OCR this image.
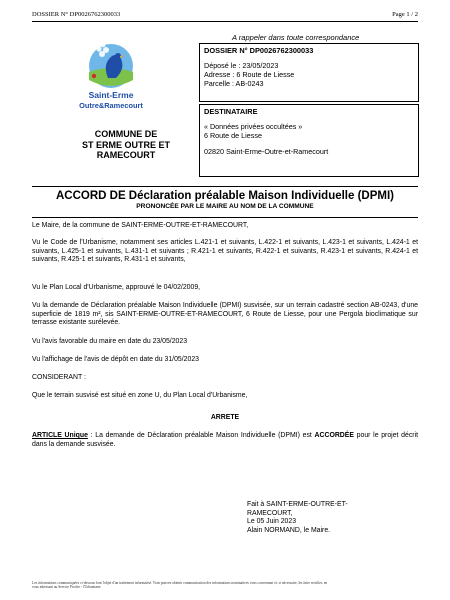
DOSSIER N° DP0026762300033	Page 1 / 2
Saint-Erme
Outre&Ramecourt
COMMUNE DE
ST ERME OUTRE ET
RAMECOURT
A rappeler dans toute correspondance
DOSSIER N° DP0026762300033

Déposé le : 23/05/2023

Adresse : 6 Route de Liesse

Parcelle : AB-0243

DESTINATAIRE

« Données privées occultées »

6 Route de Liesse

02820 Saint-Erme-Outre-et-Ramecourt

ACCORD DE Déclaration préalable Maison Individuelle (DPMI)
PRONONCÉE PAR LE MAIRE AU NOM DE LA COMMUNE

Le Maire, de la commune de SAINT-ERME-OUTRE-ET-RAMECOURT,

Vu le Code de l'Urbanisme, notamment ses articles L.421-1 et suivants, L.422-1 et suivants, L.423-1 et suivants, L.424-1 et suivants, L.425-1 et suivants, L.431-1 et suivants ; R.421-1 et suivants, R.422-1 et suivants, R.423-1 et suivants, R.424-1 et suivants, R.425-1 et suivants, R.431-1 et suivants,

Vu le Plan Local d'Urbanisme, approuvé le 04/02/2009,

Vu la demande de Déclaration préalable Maison Individuelle (DPMI) susvisée, sur un terrain cadastré section AB-0243, d'une superficie de 1819 m², sis SAINT-ERME-OUTRE-ET-RAMECOURT, 6 Route de Liesse, pour une Pergola bioclimatique sur terrasse existante surélevée.

Vu l'avis favorable du maire en date du 23/05/2023

Vu l'affichage de l'avis de dépôt en date du 31/05/2023

CONSIDERANT :

Que le terrain susvisé est situé en zone U, du Plan Local d'Urbanisme,

ARRETE

ARTICLE Unique : La demande de Déclaration préalable Maison Individuelle (DPMI) est ACCORDÉE pour le projet décrit dans la demande susvisée.

Fait à SAINT-ERME-OUTRE-ET-
RAMECOURT,
Le 05 Juin 2023
Alain NORMAND, le Maire.
Les informations communiquées ci-dessous font l'objet d'un traitement informatisé. Vous pouvez obtenir communication des informations nominatives vous concernant et, si nécessaire, les faire rectifier, en
vous adressant au Service Proche - l'Urbanisme.
